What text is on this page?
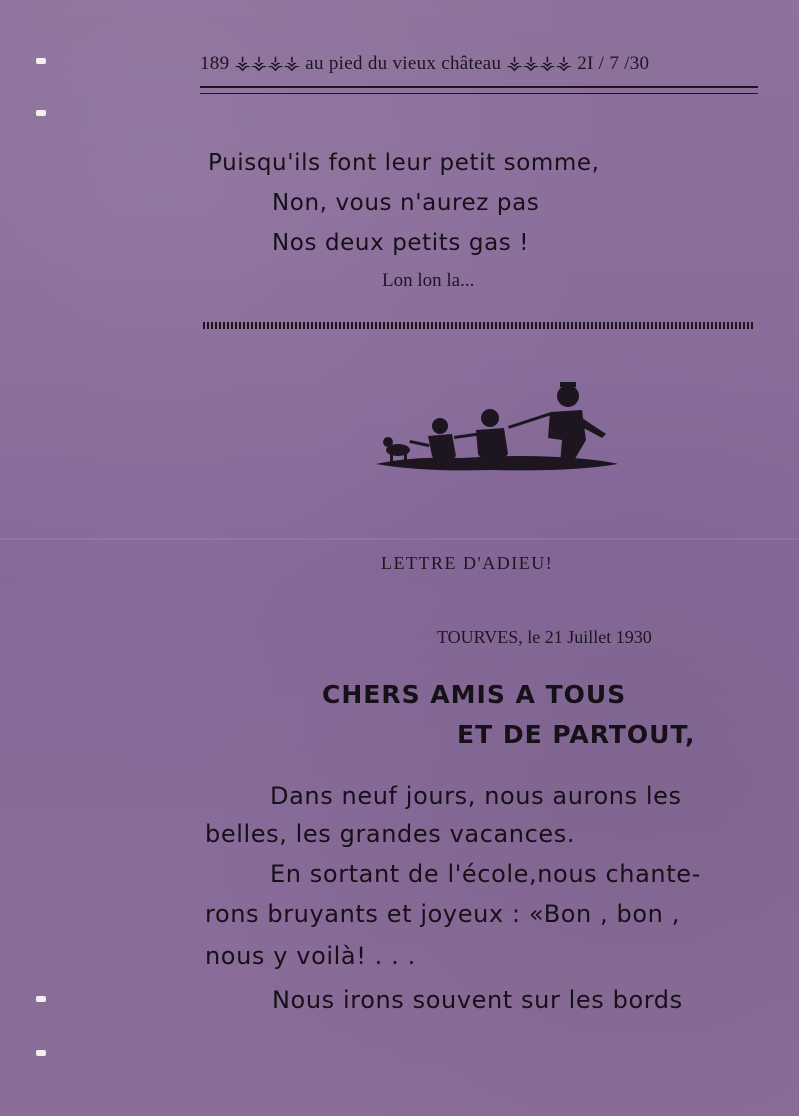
189 ⚶⚶⚶⚶ au pied du vieux château ⚶⚶⚶⚶ 2I / 7 /30
Puisqu'ils font leur petit somme,
Non, vous n'aurez pas
Nos deux petits gas !
Lon lon la...
LETTRE D'ADIEU!
TOURVES, le 21 Juillet 1930
CHERS AMIS A TOUS
ET DE PARTOUT,
Dans neuf jours, nous aurons les
belles, les grandes vacances.
En sortant de l'école,nous chante-
rons bruyants et joyeux : «Bon , bon ,
nous y voilà! . . .
Nous irons souvent sur les bords
